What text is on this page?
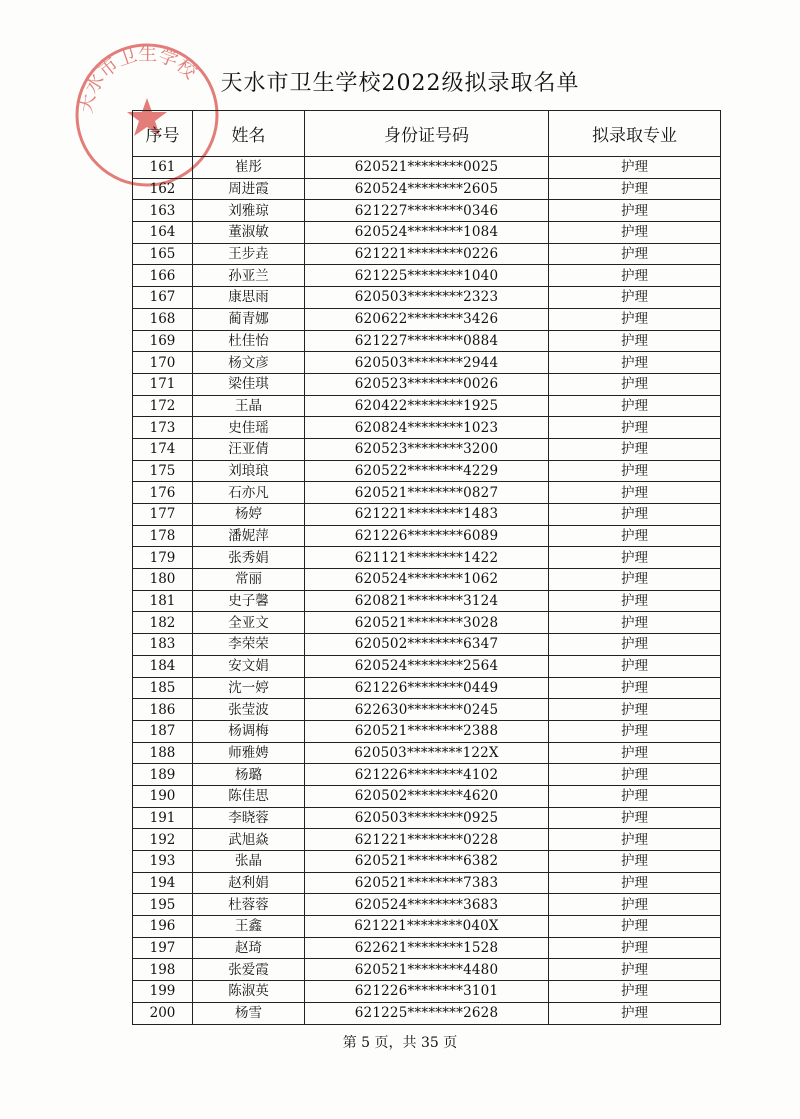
天水市卫生学校
天水市卫生学校2022级拟录取名单
序号	姓名	身份证号码	拟录取专业
161	崔彤	620521********0025	护理
162	周进霞	620524********2605	护理
163	刘雅琼	621227********0346	护理
164	董淑敏	620524********1084	护理
165	王步垚	621221********0226	护理
166	孙亚兰	621225********1040	护理
167	康思雨	620503********2323	护理
168	蔺青娜	620622********3426	护理
169	杜佳怡	621227********0884	护理
170	杨文彦	620503********2944	护理
171	梁佳琪	620523********0026	护理
172	王晶	620422********1925	护理
173	史佳瑶	620824********1023	护理
174	汪亚倩	620523********3200	护理
175	刘琅琅	620522********4229	护理
176	石亦凡	620521********0827	护理
177	杨婷	621221********1483	护理
178	潘妮萍	621226********6089	护理
179	张秀娟	621121********1422	护理
180	常丽	620524********1062	护理
181	史子馨	620821********3124	护理
182	全亚文	620521********3028	护理
183	李荣荣	620502********6347	护理
184	安文娟	620524********2564	护理
185	沈一婷	621226********0449	护理
186	张莹波	622630********0245	护理
187	杨调梅	620521********2388	护理
188	师雅娉	620503********122X	护理
189	杨璐	621226********4102	护理
190	陈佳思	620502********4620	护理
191	李晓蓉	620503********0925	护理
192	武旭焱	621221********0228	护理
193	张晶	620521********6382	护理
194	赵利娟	620521********7383	护理
195	杜蓉蓉	620524********3683	护理
196	王鑫	621221********040X	护理
197	赵琦	622621********1528	护理
198	张爱霞	620521********4480	护理
199	陈淑英	621226********3101	护理
200	杨雪	621225********2628	护理
第 5 页，共 35 页
